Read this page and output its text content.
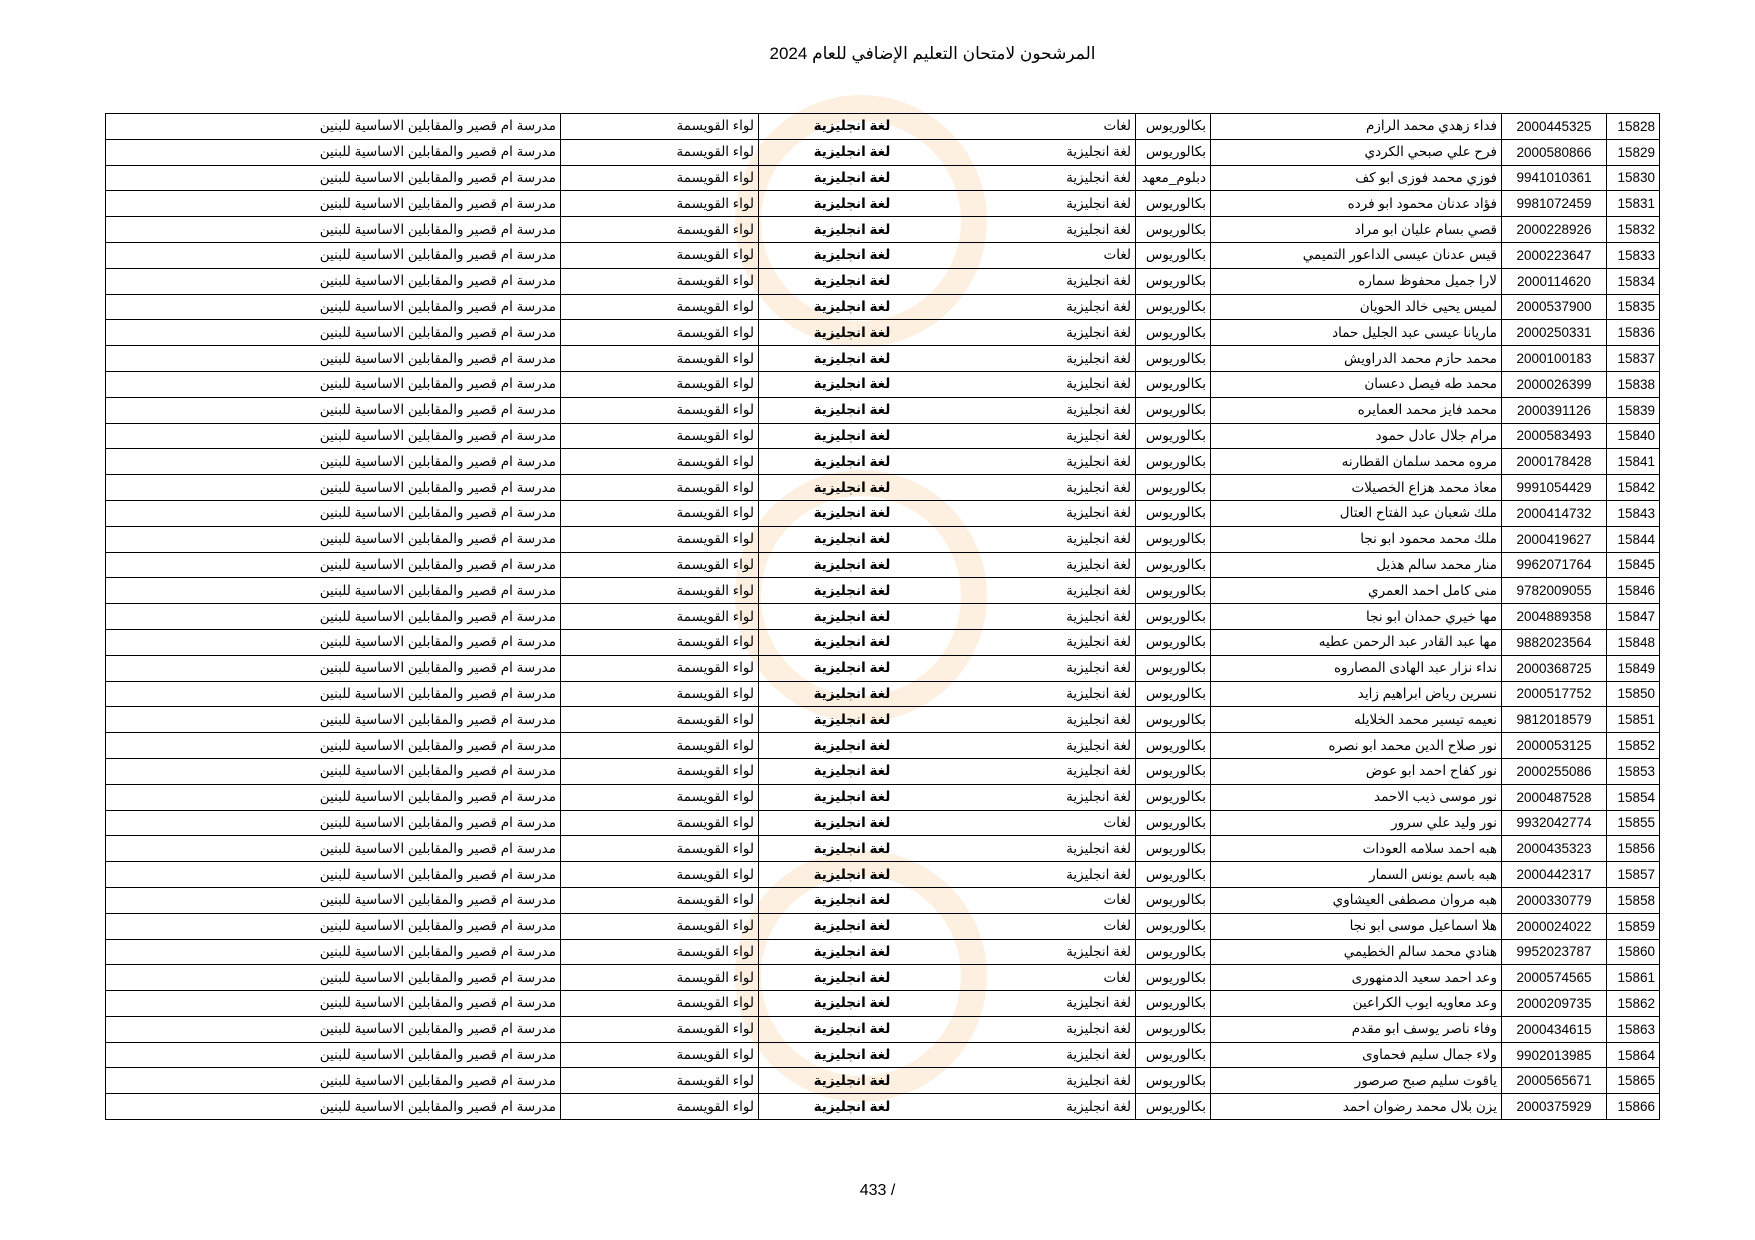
المرشحون لامتحان التعليم الإضافي للعام 2024
15828	2000445325	فداء زهدي محمد الرازم	بكالوريوس	لغات	لغة انجليزية	لواء القويسمة	مدرسة ام قصير والمقابلين الاساسية للبنين
15829	2000580866	فرح علي صبحي الكردي	بكالوريوس	لغة انجليزية	لغة انجليزية	لواء القويسمة	مدرسة ام قصير والمقابلين الاساسية للبنين
15830	9941010361	فوزي محمد فوزى ابو كف	دبلوم_معهد	لغة انجليزية	لغة انجليزية	لواء القويسمة	مدرسة ام قصير والمقابلين الاساسية للبنين
15831	9981072459	فؤاد عدنان محمود ابو فرده	بكالوريوس	لغة انجليزية	لغة انجليزية	لواء القويسمة	مدرسة ام قصير والمقابلين الاساسية للبنين
15832	2000228926	قصي بسام عليان ابو مراد	بكالوريوس	لغة انجليزية	لغة انجليزية	لواء القويسمة	مدرسة ام قصير والمقابلين الاساسية للبنين
15833	2000223647	قيس عدنان عيسى الداعور التميمي	بكالوريوس	لغات	لغة انجليزية	لواء القويسمة	مدرسة ام قصير والمقابلين الاساسية للبنين
15834	2000114620	لارا جميل محفوظ سماره	بكالوريوس	لغة انجليزية	لغة انجليزية	لواء القويسمة	مدرسة ام قصير والمقابلين الاساسية للبنين
15835	2000537900	لميس يحيى خالد الحويان	بكالوريوس	لغة انجليزية	لغة انجليزية	لواء القويسمة	مدرسة ام قصير والمقابلين الاساسية للبنين
15836	2000250331	ماريانا عيسى عبد الجليل حماد	بكالوريوس	لغة انجليزية	لغة انجليزية	لواء القويسمة	مدرسة ام قصير والمقابلين الاساسية للبنين
15837	2000100183	محمد حازم محمد الدراويش	بكالوريوس	لغة انجليزية	لغة انجليزية	لواء القويسمة	مدرسة ام قصير والمقابلين الاساسية للبنين
15838	2000026399	محمد طه فيصل دعسان	بكالوريوس	لغة انجليزية	لغة انجليزية	لواء القويسمة	مدرسة ام قصير والمقابلين الاساسية للبنين
15839	2000391126	محمد فايز محمد العمايره	بكالوريوس	لغة انجليزية	لغة انجليزية	لواء القويسمة	مدرسة ام قصير والمقابلين الاساسية للبنين
15840	2000583493	مرام جلال عادل حمود	بكالوريوس	لغة انجليزية	لغة انجليزية	لواء القويسمة	مدرسة ام قصير والمقابلين الاساسية للبنين
15841	2000178428	مروه محمد سلمان القطارنه	بكالوريوس	لغة انجليزية	لغة انجليزية	لواء القويسمة	مدرسة ام قصير والمقابلين الاساسية للبنين
15842	9991054429	معاذ محمد هزاع الخصيلات	بكالوريوس	لغة انجليزية	لغة انجليزية	لواء القويسمة	مدرسة ام قصير والمقابلين الاساسية للبنين
15843	2000414732	ملك شعبان عبد الفتاح العتال	بكالوريوس	لغة انجليزية	لغة انجليزية	لواء القويسمة	مدرسة ام قصير والمقابلين الاساسية للبنين
15844	2000419627	ملك محمد محمود ابو نجا	بكالوريوس	لغة انجليزية	لغة انجليزية	لواء القويسمة	مدرسة ام قصير والمقابلين الاساسية للبنين
15845	9962071764	منار محمد سالم هذيل	بكالوريوس	لغة انجليزية	لغة انجليزية	لواء القويسمة	مدرسة ام قصير والمقابلين الاساسية للبنين
15846	9782009055	منى كامل احمد العمري	بكالوريوس	لغة انجليزية	لغة انجليزية	لواء القويسمة	مدرسة ام قصير والمقابلين الاساسية للبنين
15847	2004889358	مها خيري حمدان ابو نجا	بكالوريوس	لغة انجليزية	لغة انجليزية	لواء القويسمة	مدرسة ام قصير والمقابلين الاساسية للبنين
15848	9882023564	مها عبد القادر عبد الرحمن عطيه	بكالوريوس	لغة انجليزية	لغة انجليزية	لواء القويسمة	مدرسة ام قصير والمقابلين الاساسية للبنين
15849	2000368725	نداء نزار عبد الهادى المصاروه	بكالوريوس	لغة انجليزية	لغة انجليزية	لواء القويسمة	مدرسة ام قصير والمقابلين الاساسية للبنين
15850	2000517752	نسرين رياض ابراهيم زايد	بكالوريوس	لغة انجليزية	لغة انجليزية	لواء القويسمة	مدرسة ام قصير والمقابلين الاساسية للبنين
15851	9812018579	نعيمه تيسير محمد الخلايله	بكالوريوس	لغة انجليزية	لغة انجليزية	لواء القويسمة	مدرسة ام قصير والمقابلين الاساسية للبنين
15852	2000053125	نور صلاح الدين محمد ابو نصره	بكالوريوس	لغة انجليزية	لغة انجليزية	لواء القويسمة	مدرسة ام قصير والمقابلين الاساسية للبنين
15853	2000255086	نور كفاح احمد ابو عوض	بكالوريوس	لغة انجليزية	لغة انجليزية	لواء القويسمة	مدرسة ام قصير والمقابلين الاساسية للبنين
15854	2000487528	نور موسى ذيب الاحمد	بكالوريوس	لغة انجليزية	لغة انجليزية	لواء القويسمة	مدرسة ام قصير والمقابلين الاساسية للبنين
15855	9932042774	نور وليد علي سرور	بكالوريوس	لغات	لغة انجليزية	لواء القويسمة	مدرسة ام قصير والمقابلين الاساسية للبنين
15856	2000435323	هبه احمد سلامه العودات	بكالوريوس	لغة انجليزية	لغة انجليزية	لواء القويسمة	مدرسة ام قصير والمقابلين الاساسية للبنين
15857	2000442317	هبه باسم يونس السمار	بكالوريوس	لغة انجليزية	لغة انجليزية	لواء القويسمة	مدرسة ام قصير والمقابلين الاساسية للبنين
15858	2000330779	هبه مروان مصطفى العيشاوي	بكالوريوس	لغات	لغة انجليزية	لواء القويسمة	مدرسة ام قصير والمقابلين الاساسية للبنين
15859	2000024022	هلا اسماعيل موسى ابو نجا	بكالوريوس	لغات	لغة انجليزية	لواء القويسمة	مدرسة ام قصير والمقابلين الاساسية للبنين
15860	9952023787	هنادي محمد سالم الخطيمي	بكالوريوس	لغة انجليزية	لغة انجليزية	لواء القويسمة	مدرسة ام قصير والمقابلين الاساسية للبنين
15861	2000574565	وعد احمد سعيد الدمنهورى	بكالوريوس	لغات	لغة انجليزية	لواء القويسمة	مدرسة ام قصير والمقابلين الاساسية للبنين
15862	2000209735	وعد معاويه ايوب الكراعين	بكالوريوس	لغة انجليزية	لغة انجليزية	لواء القويسمة	مدرسة ام قصير والمقابلين الاساسية للبنين
15863	2000434615	وفاء ناصر يوسف ابو مقدم	بكالوريوس	لغة انجليزية	لغة انجليزية	لواء القويسمة	مدرسة ام قصير والمقابلين الاساسية للبنين
15864	9902013985	ولاء جمال سليم فحماوى	بكالوريوس	لغة انجليزية	لغة انجليزية	لواء القويسمة	مدرسة ام قصير والمقابلين الاساسية للبنين
15865	2000565671	ياقوت سليم صبح صرصور	بكالوريوس	لغة انجليزية	لغة انجليزية	لواء القويسمة	مدرسة ام قصير والمقابلين الاساسية للبنين
15866	2000375929	يزن بلال محمد رضوان احمد	بكالوريوس	لغة انجليزية	لغة انجليزية	لواء القويسمة	مدرسة ام قصير والمقابلين الاساسية للبنين
433 /
